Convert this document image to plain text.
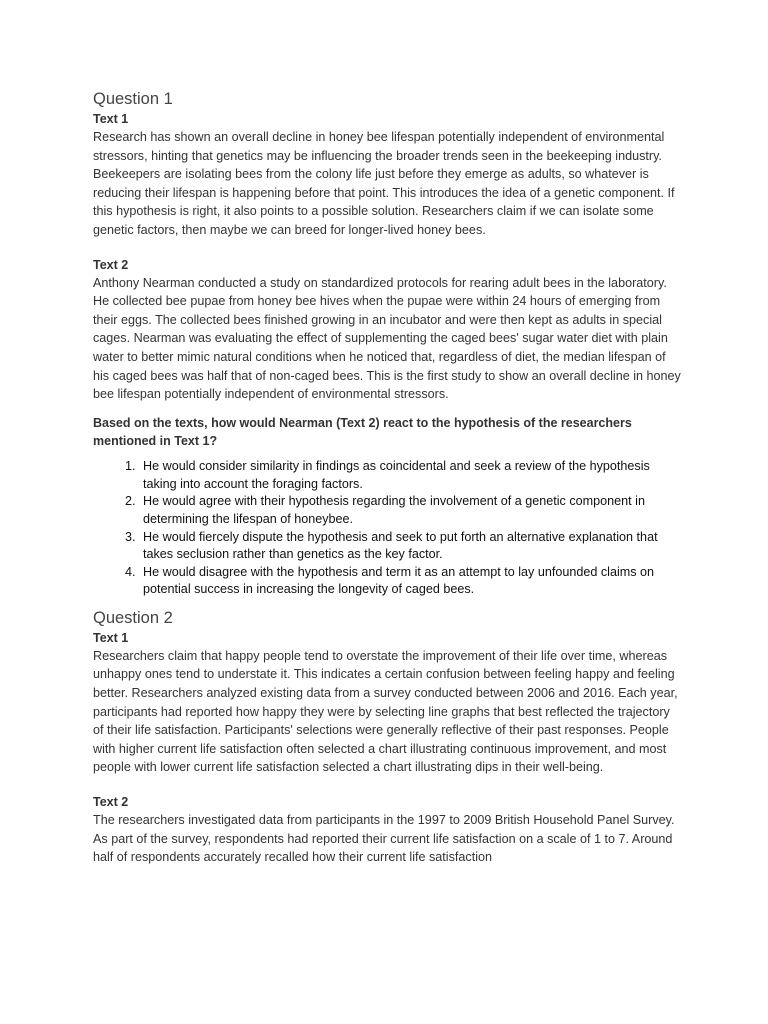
Question 1
Text 1

Research has shown an overall decline in honey bee lifespan potentially independent of environmental stressors, hinting that genetics may be influencing the broader trends seen in the beekeeping industry. Beekeepers are isolating bees from the colony life just before they emerge as adults, so whatever is reducing their lifespan is happening before that point. This introduces the idea of a genetic component. If this hypothesis is right, it also points to a possible solution. Researchers claim if we can isolate some genetic factors, then maybe we can breed for longer-lived honey bees.

Text 2

Anthony Nearman conducted a study on standardized protocols for rearing adult bees in the laboratory. He collected bee pupae from honey bee hives when the pupae were within 24 hours of emerging from their eggs. The collected bees finished growing in an incubator and were then kept as adults in special cages. Nearman was evaluating the effect of supplementing the caged bees' sugar water diet with plain water to better mimic natural conditions when he noticed that, regardless of diet, the median lifespan of his caged bees was half that of non-caged bees. This is the first study to show an overall decline in honey bee lifespan potentially independent of environmental stressors.

Based on the texts, how would Nearman (Text 2) react to the hypothesis of the researchers mentioned in Text 1?

1. He would consider similarity in findings as coincidental and seek a review of the hypothesis taking into account the foraging factors.
2. He would agree with their hypothesis regarding the involvement of a genetic component in determining the lifespan of honeybee.
3. He would fiercely dispute the hypothesis and seek to put forth an alternative explanation that takes seclusion rather than genetics as the key factor.
4. He would disagree with the hypothesis and term it as an attempt to lay unfounded claims on potential success in increasing the longevity of caged bees.
Question 2
Text 1

Researchers claim that happy people tend to overstate the improvement of their life over time, whereas unhappy ones tend to understate it. This indicates a certain confusion between feeling happy and feeling better. Researchers analyzed existing data from a survey conducted between 2006 and 2016. Each year, participants had reported how happy they were by selecting line graphs that best reflected the trajectory of their life satisfaction. Participants' selections were generally reflective of their past responses. People with higher current life satisfaction often selected a chart illustrating continuous improvement, and most people with lower current life satisfaction selected a chart illustrating dips in their well-being.

Text 2

The researchers investigated data from participants in the 1997 to 2009 British Household Panel Survey. As part of the survey, respondents had reported their current life satisfaction on a scale of 1 to 7. Around half of respondents accurately recalled how their current life satisfaction
